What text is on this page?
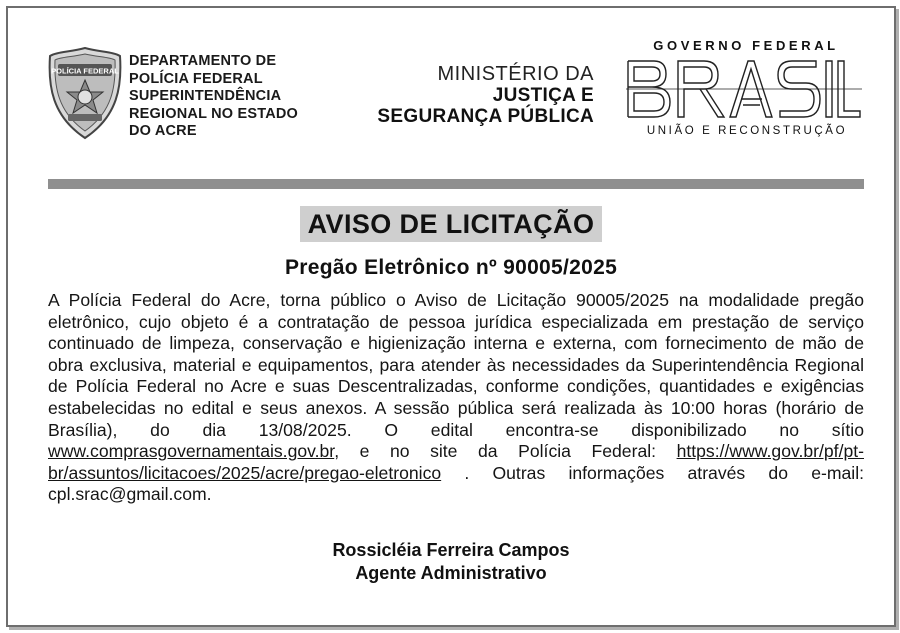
POLÍCIA FEDERAL
DEPARTAMENTO DE
POLÍCIA FEDERAL
SUPERINTENDÊNCIA
REGIONAL NO ESTADO
DO ACRE
MINISTÉRIO DA
JUSTIÇA E
SEGURANÇA PÚBLICA
GOVERNO FEDERAL
UNIÃO E RECONSTRUÇÃO
AVISO DE LICITAÇÃO
Pregão Eletrônico nº 90005/2025
A Polícia Federal do Acre, torna público o Aviso de Licitação 90005/2025 na modalidade pregão eletrônico, cujo objeto é a contratação de pessoa jurídica especializada em prestação de serviço continuado de limpeza, conservação e higienização interna e externa, com fornecimento de mão de obra exclusiva, material e equipamentos, para atender às necessidades da Superintendência Regional de Polícia Federal no Acre e suas Descentralizadas, conforme condições, quantidades e exigências estabelecidas no edital e seus anexos. A sessão pública será realizada às 10:00 horas (horário de Brasília), do dia 13/08/2025. O edital encontra-se disponibilizado no sítio www.comprasgovernamentais.gov.br, e no site da Polícia Federal: https://www.gov.br/pf/pt-br/assuntos/licitacoes/2025/acre/pregao-eletronico . Outras informações através do e-mail: cpl.srac@gmail.com.
Rossicléia Ferreira Campos
Agente Administrativo
